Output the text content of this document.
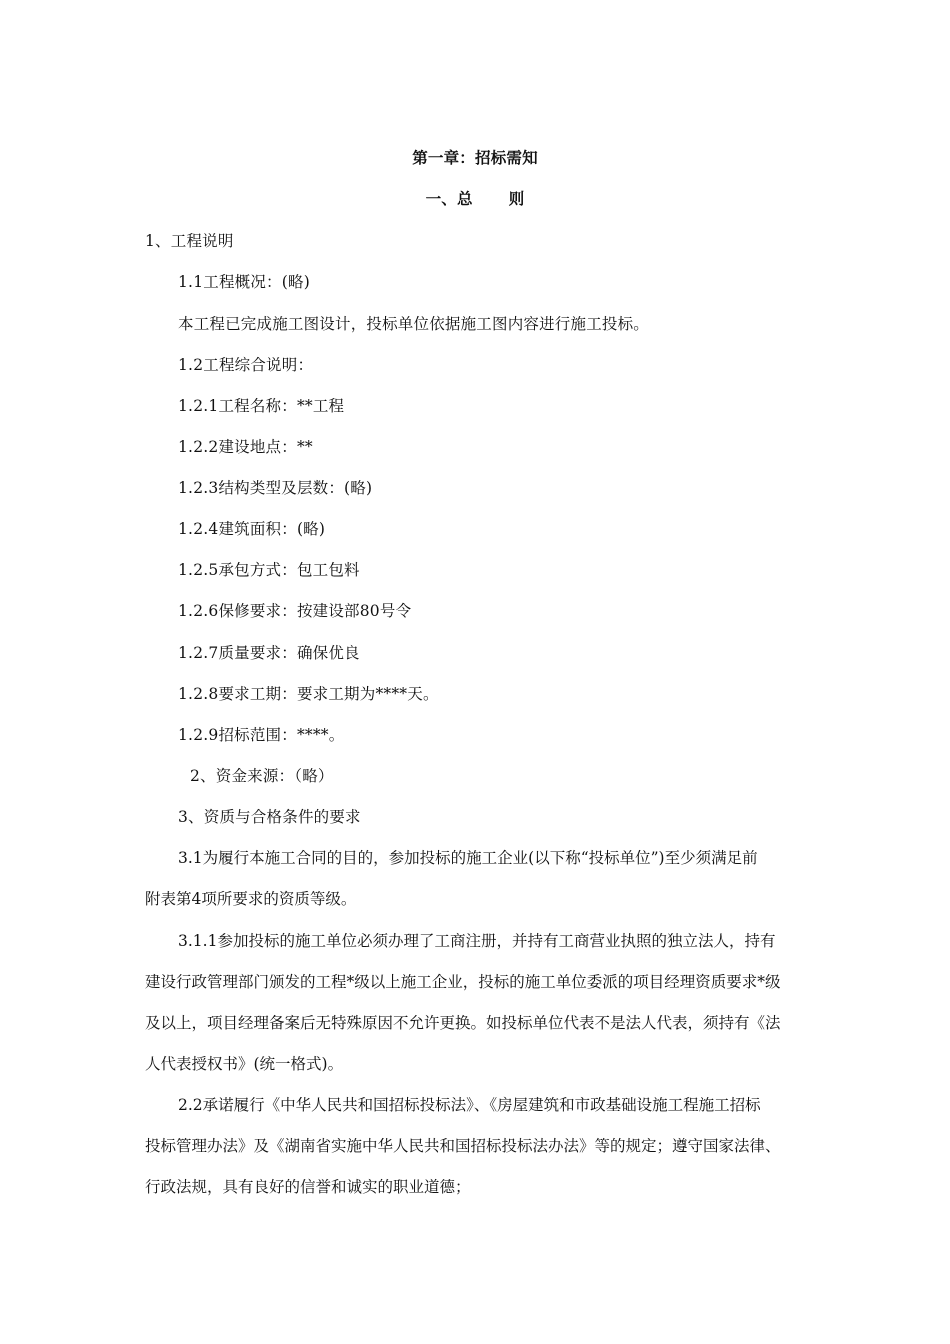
第一章：招标需知
一、总 则
1、工程说明
1.1工程概况：(略)
本工程已完成施工图设计，投标单位依据施工图内容进行施工投标。
1.2工程综合说明：
1.2.1工程名称：**工程
1.2.2建设地点：**
1.2.3结构类型及层数：(略)
1.2.4建筑面积：(略)
1.2.5承包方式：包工包料
1.2.6保修要求：按建设部80号令
1.2.7质量要求：确保优良
1.2.8要求工期：要求工期为****天。
1.2.9招标范围：****。
2、资金来源：（略）
3、资质与合格条件的要求
3.1为履行本施工合同的目的，参加投标的施工企业(以下称“投标单位”)至少须满足前
附表第4项所要求的资质等级。
3.1.1参加投标的施工单位必须办理了工商注册，并持有工商营业执照的独立法人，持有
建设行政管理部门颁发的工程*级以上施工企业，投标的施工单位委派的项目经理资质要求*级
及以上，项目经理备案后无特殊原因不允许更换。如投标单位代表不是法人代表，须持有《法
人代表授权书》(统一格式)。
2.2承诺履行《中华人民共和国招标投标法》、《房屋建筑和市政基础设施工程施工招标
投标管理办法》及《湖南省实施中华人民共和国招标投标法办法》等的规定；遵守国家法律、
行政法规，具有良好的信誉和诚实的职业道德；
